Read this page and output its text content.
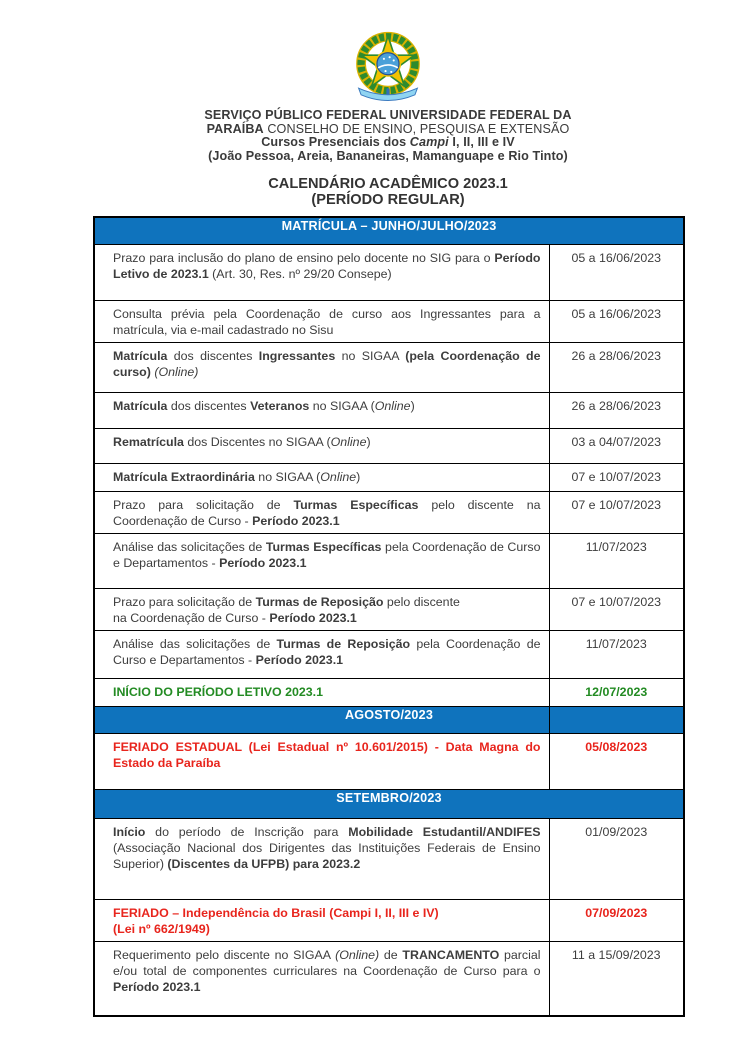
SERVIÇO PÚBLICO FEDERAL UNIVERSIDADE FEDERAL DA
PARAÍBA CONSELHO DE ENSINO, PESQUISA E EXTENSÃO
Cursos Presenciais dos Campi I, II, III e IV
(João Pessoa, Areia, Bananeiras, Mamanguape e Rio Tinto)
CALENDÁRIO ACADÊMICO 2023.1
(PERÍODO REGULAR)
MATRÍCULA – JUNHO/JULHO/2023	
Prazo para inclusão do plano de ensino pelo docente no SIG para o Período Letivo de 2023.1 (Art. 30, Res. nº 29/20 Consepe)	05 a 16/06/2023
Consulta prévia pela Coordenação de curso aos Ingressantes para a matrícula, via e-mail cadastrado no Sisu	05 a 16/06/2023
Matrícula dos discentes Ingressantes no SIGAA (pela Coordenação de curso) (Online)	26 a 28/06/2023
Matrícula dos discentes Veteranos no SIGAA (Online)	26 a 28/06/2023
Rematrícula dos Discentes no SIGAA (Online)	03 a 04/07/2023
Matrícula Extraordinária no SIGAA (Online)	07 e 10/07/2023
Prazo para solicitação de Turmas Específicas pelo discente na Coordenação de Curso - Período 2023.1	07 e 10/07/2023
Análise das solicitações de Turmas Específicas pela Coordenação de Curso e Departamentos - Período 2023.1	11/07/2023
Prazo para solicitação de Turmas de Reposição pelo discente
na Coordenação de Curso - Período 2023.1	07 e 10/07/2023
Análise das solicitações de Turmas de Reposição pela Coordenação de Curso e Departamentos - Período 2023.1	11/07/2023
INÍCIO DO PERÍODO LETIVO 2023.1	12/07/2023
AGOSTO/2023	

FERIADO ESTADUAL (Lei Estadual nº 10.601/2015) - Data Magna do Estado da Paraíba	05/08/2023
SETEMBRO/2023	
Início do período de Inscrição para Mobilidade Estudantil/ANDIFES (Associação Nacional dos Dirigentes das Instituições Federais de Ensino Superior) (Discentes da UFPB) para 2023.2	01/09/2023
FERIADO – Independência do Brasil (Campi I, II, III e IV)
(Lei nº 662/1949)	07/09/2023
Requerimento pelo discente no SIGAA (Online) de TRANCAMENTO parcial e/ou total de componentes curriculares na Coordenação de Curso para o Período 2023.1	11 a 15/09/2023
